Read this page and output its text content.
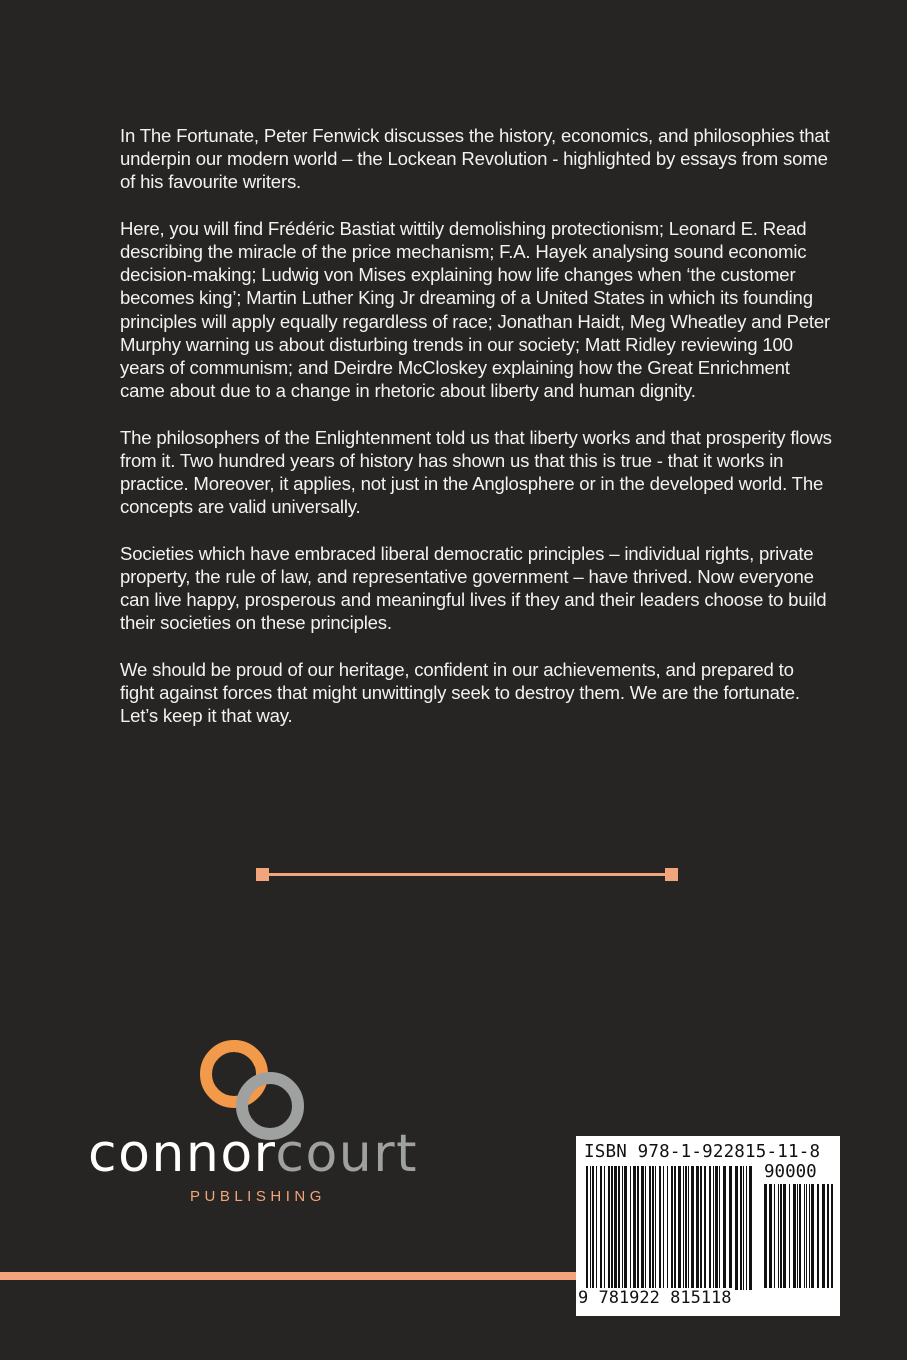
In The Fortunate, Peter Fenwick discusses the history, economics, and philosophies that underpin our modern world – the Lockean Revolution - highlighted by essays from some of his favourite writers.

Here, you will find Frédéric Bastiat wittily demolishing protectionism; Leonard E. Read describing the miracle of the price mechanism; F.A. Hayek analysing sound economic decision-making; Ludwig von Mises explaining how life changes when ‘the customer becomes king’; Martin Luther King Jr dreaming of a United States in which its founding principles will apply equally regardless of race; Jonathan Haidt, Meg Wheatley and Peter Murphy warning us about disturbing trends in our society; Matt Ridley reviewing 100 years of communism; and Deirdre McCloskey explaining how the Great Enrichment came about due to a change in rhetoric about liberty and human dignity.

The philosophers of the Enlightenment told us that liberty works and that prosperity flows from it. Two hundred years of history has shown us that this is true - that it works in practice. Moreover, it applies, not just in the Anglosphere or in the developed world. The concepts are valid universally.

Societies which have embraced liberal democratic principles – individual rights, private property, the rule of law, and representative government – have thrived. Now everyone can live happy, prosperous and meaningful lives if they and their leaders choose to build their societies on these principles.

We should be proud of our heritage, confident in our achievements, and prepared to fight against forces that might unwittingly seek to destroy them. We are the fortunate. Let’s keep it that way.

connorcourt
PUBLISHING
ISBN 978-1-922815-11-8
90000
9 781922 815118
